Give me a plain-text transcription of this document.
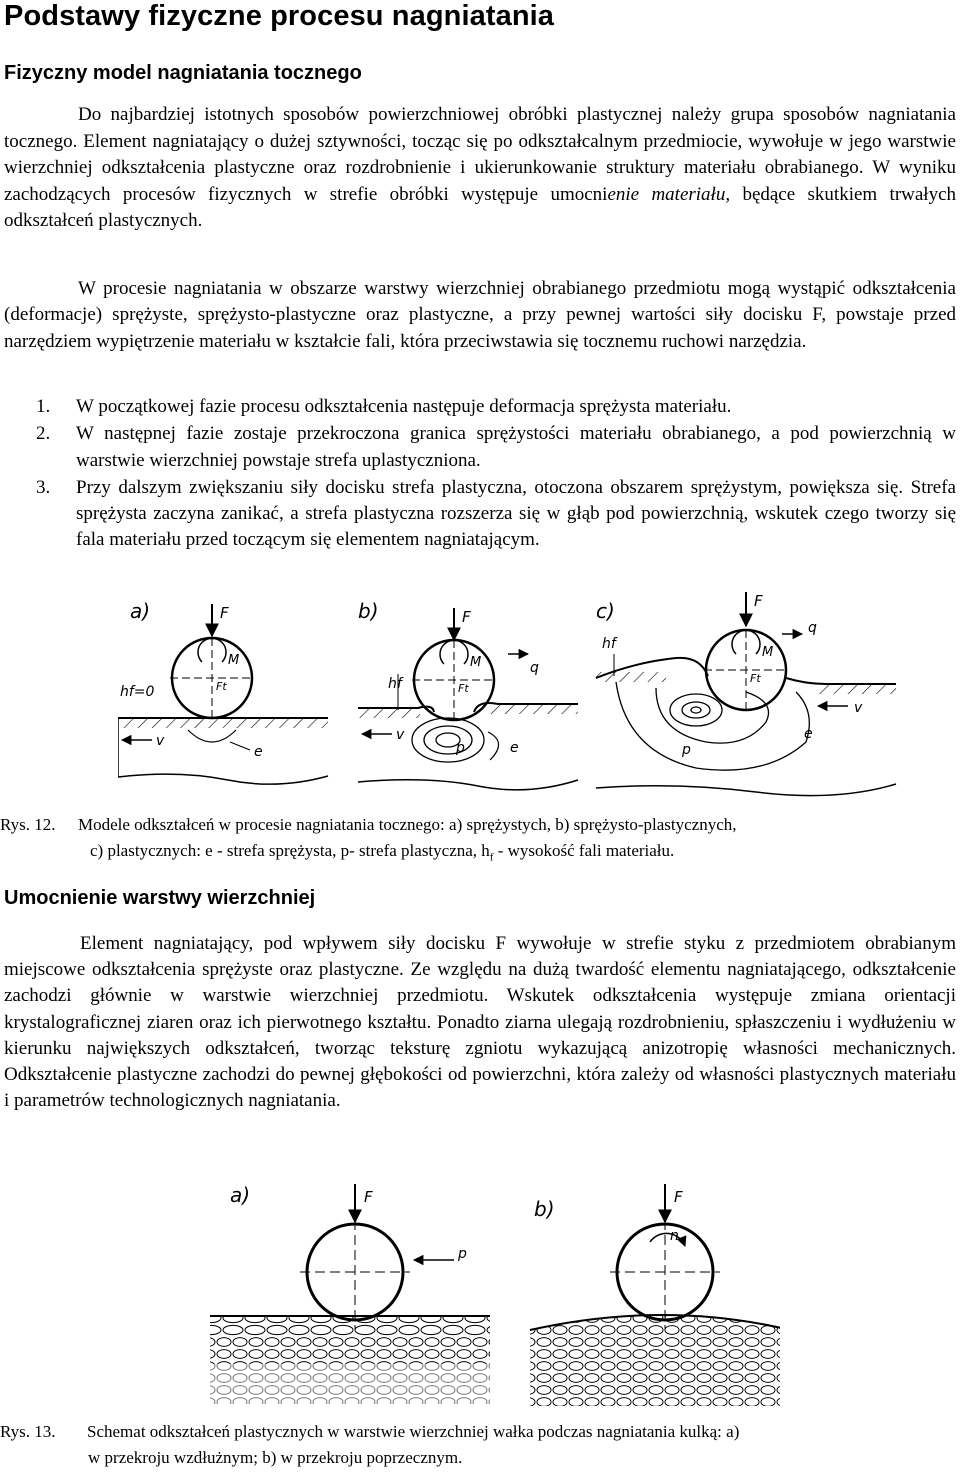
Podstawy fizyczne procesu nagniatania
Fizyczny model nagniatania tocznego

Do najbardziej istotnych sposobów powierzchniowej obróbki plastycznej należy grupa sposobów nagniatania tocznego. Element nagniatający o dużej sztywności, tocząc się po odkształcalnym przedmiocie, wywołuje w jego warstwie wierzchniej odkształcenia plastyczne oraz rozdrobnienie i ukierunkowanie struktury materiału obrabianego. W wyniku zachodzących procesów fizycznych w strefie obróbki występuje umocnienie materiału, będące skutkiem trwałych odkształceń plastycznych.

W procesie nagniatania w obszarze warstwy wierzchniej obrabianego przedmiotu mogą wystąpić odkształcenia (deformacje) sprężyste, sprężysto-plastyczne oraz plastyczne, a przy pewnej wartości siły docisku F, powstaje przed narzędziem wypiętrzenie materiału w kształcie fali, która przeciwstawia się tocznemu ruchowi narzędzia.

1.	W początkowej fazie procesu odkształcenia następuje deformacja sprężysta materiału.
2.	W następnej fazie zostaje przekroczona granica sprężystości materiału obrabianego, a pod powierzchnią w warstwie wierzchniej powstaje strefa uplastyczniona.
3.	Przy dalszym zwiększaniu siły docisku strefa plastyczna, otoczona obszarem sprężystym, powiększa się. Strefa sprężysta zaczyna zanikać, a strefa plastyczna rozszerza się w głąb pod powierzchnią, wskutek czego tworzy się fala materiału przed toczącym się elementem nagniatającym.
a)	F
M
Ft
hf=0
v
e
b)	F
M
Ft
hf
q
v
p	e
c)	F
M
Ft
hf
q
p
e
v
Rys. 12. Modele odkształceń w procesie nagniatania tocznego: a) sprężystych, b) sprężysto-plastycznych,
c) plastycznych: e - strefa sprężysta, p- strefa plastyczna, $h_f$ - wysokość fali materiału.
Umocnienie warstwy wierzchniej

Element nagniatający, pod wpływem siły docisku F wywołuje w strefie styku z przedmiotem obrabianym miejscowe odkształcenia sprężyste oraz plastyczne. Ze względu na dużą twardość elementu nagniatającego, odkształcenie zachodzi głównie w warstwie wierzchniej przedmiotu. Wskutek odkształcenia występuje zmiana orientacji krystalograficznej ziaren oraz ich pierwotnego kształtu. Ponadto ziarna ulegają rozdrobnieniu, spłaszczeniu i wydłużeniu w kierunku największych odkształceń, tworząc teksturę zgniotu wykazującą anizotropię własności mechanicznych. Odkształcenie plastyczne zachodzi do pewnej głębokości od powierzchni, która zależy od własności plastycznych materiału i parametrów technologicznych nagniatania.

a)	F
p
b)	F
n
Rys. 13. Schemat odkształceń plastycznych w warstwie wierzchniej wałka podczas nagniatania kulką: a)
w przekroju wzdłużnym; b) w przekroju poprzecznym.
